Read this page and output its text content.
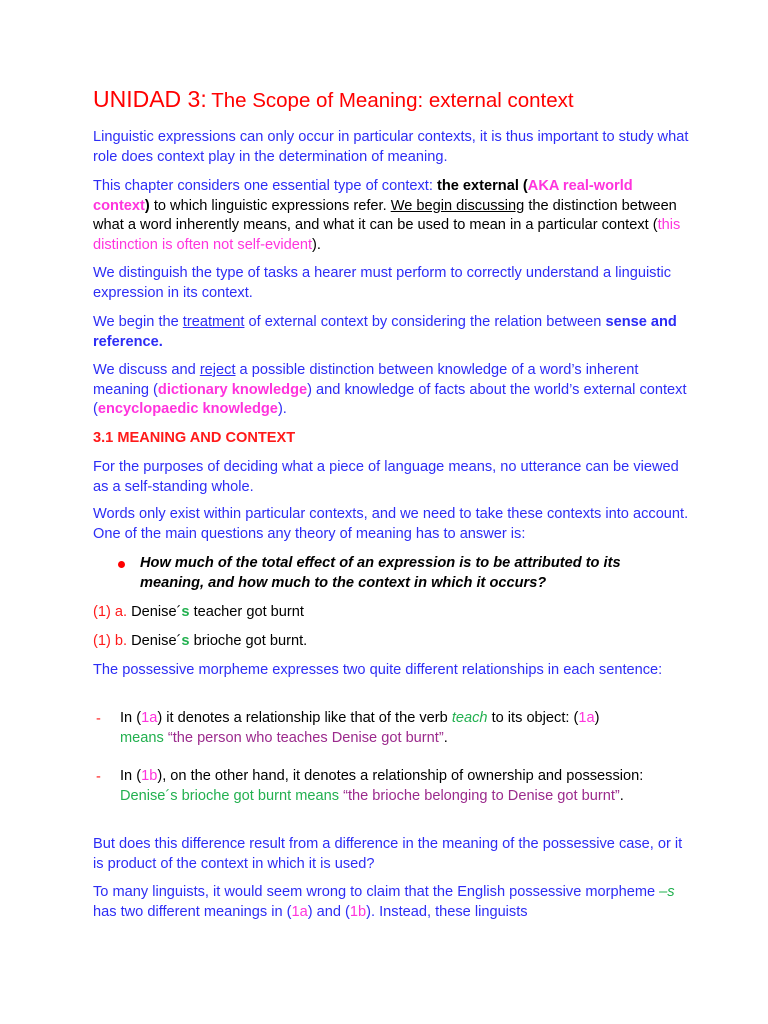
UNIDAD 3: The Scope of Meaning: external context
Linguistic expressions can only occur in particular contexts, it is thus important to study what role does context play in the determination of meaning.
This chapter considers one essential type of context: the external (AKA real-world context) to which linguistic expressions refer. We begin discussing the distinction between what a word inherently means, and what it can be used to mean in a particular context (this distinction is often not self-evident).
We distinguish the type of tasks a hearer must perform to correctly understand a linguistic expression in its context.
We begin the treatment of external context by considering the relation between sense and reference.
We discuss and reject a possible distinction between knowledge of a word’s inherent meaning (dictionary knowledge) and knowledge of facts about the world’s external context (encyclopaedic knowledge).
3.1 MEANING AND CONTEXT
For the purposes of deciding what a piece of language means, no utterance can be viewed as a self-standing whole.
Words only exist within particular contexts, and we need to take these contexts into account. One of the main questions any theory of meaning has to answer is:
How much of the total effect of an expression is to be attributed to its meaning, and how much to the context in which it occurs?
(1) a. Denise´s teacher got burnt
(1) b. Denise´s brioche got burnt.
The possessive morpheme expresses two quite different relationships in each sentence:
- In (1a) it denotes a relationship like that of the verb teach to its object: (1a)
means “the person who teaches Denise got burnt”.
- In (1b), on the other hand, it denotes a relationship of ownership and possession: Denise´s brioche got burnt means “the brioche belonging to Denise got burnt”.
But does this difference result from a difference in the meaning of the possessive case, or it is product of the context in which it is used?
To many linguists, it would seem wrong to claim that the English possessive morpheme –s has two different meanings in (1a) and (1b). Instead, these linguists
